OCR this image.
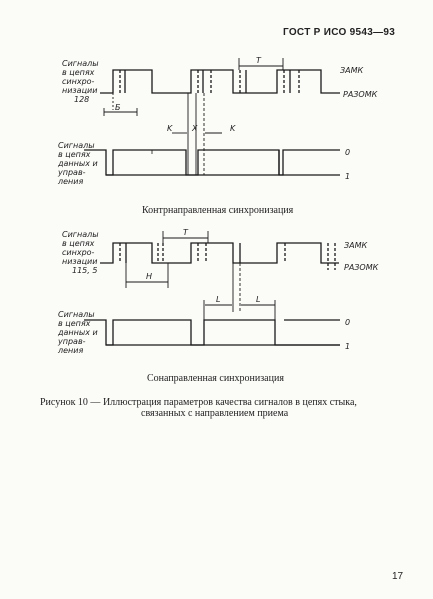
ГОСТ Р ИСО 9543—93
Сигналы
в цепях
синхро-
низации
128
ЗАМК
РАЗОМК
Сигналы
в цепях
данных и
управ-
ления
0
1
T
Б
K X	K
Сигналы
в цепях
синхро-
низации
115, 5
ЗАМК
РАЗОМК
Сигналы
в цепях
данных и
управ-
ления
0
1
T
H
L	L
Контрнаправленная синхронизация
Сонаправленная синхронизация
Рисунок 10 — Иллюстрация параметров качества сигналов в цепях стыка,
связанных с направлением приема
17
